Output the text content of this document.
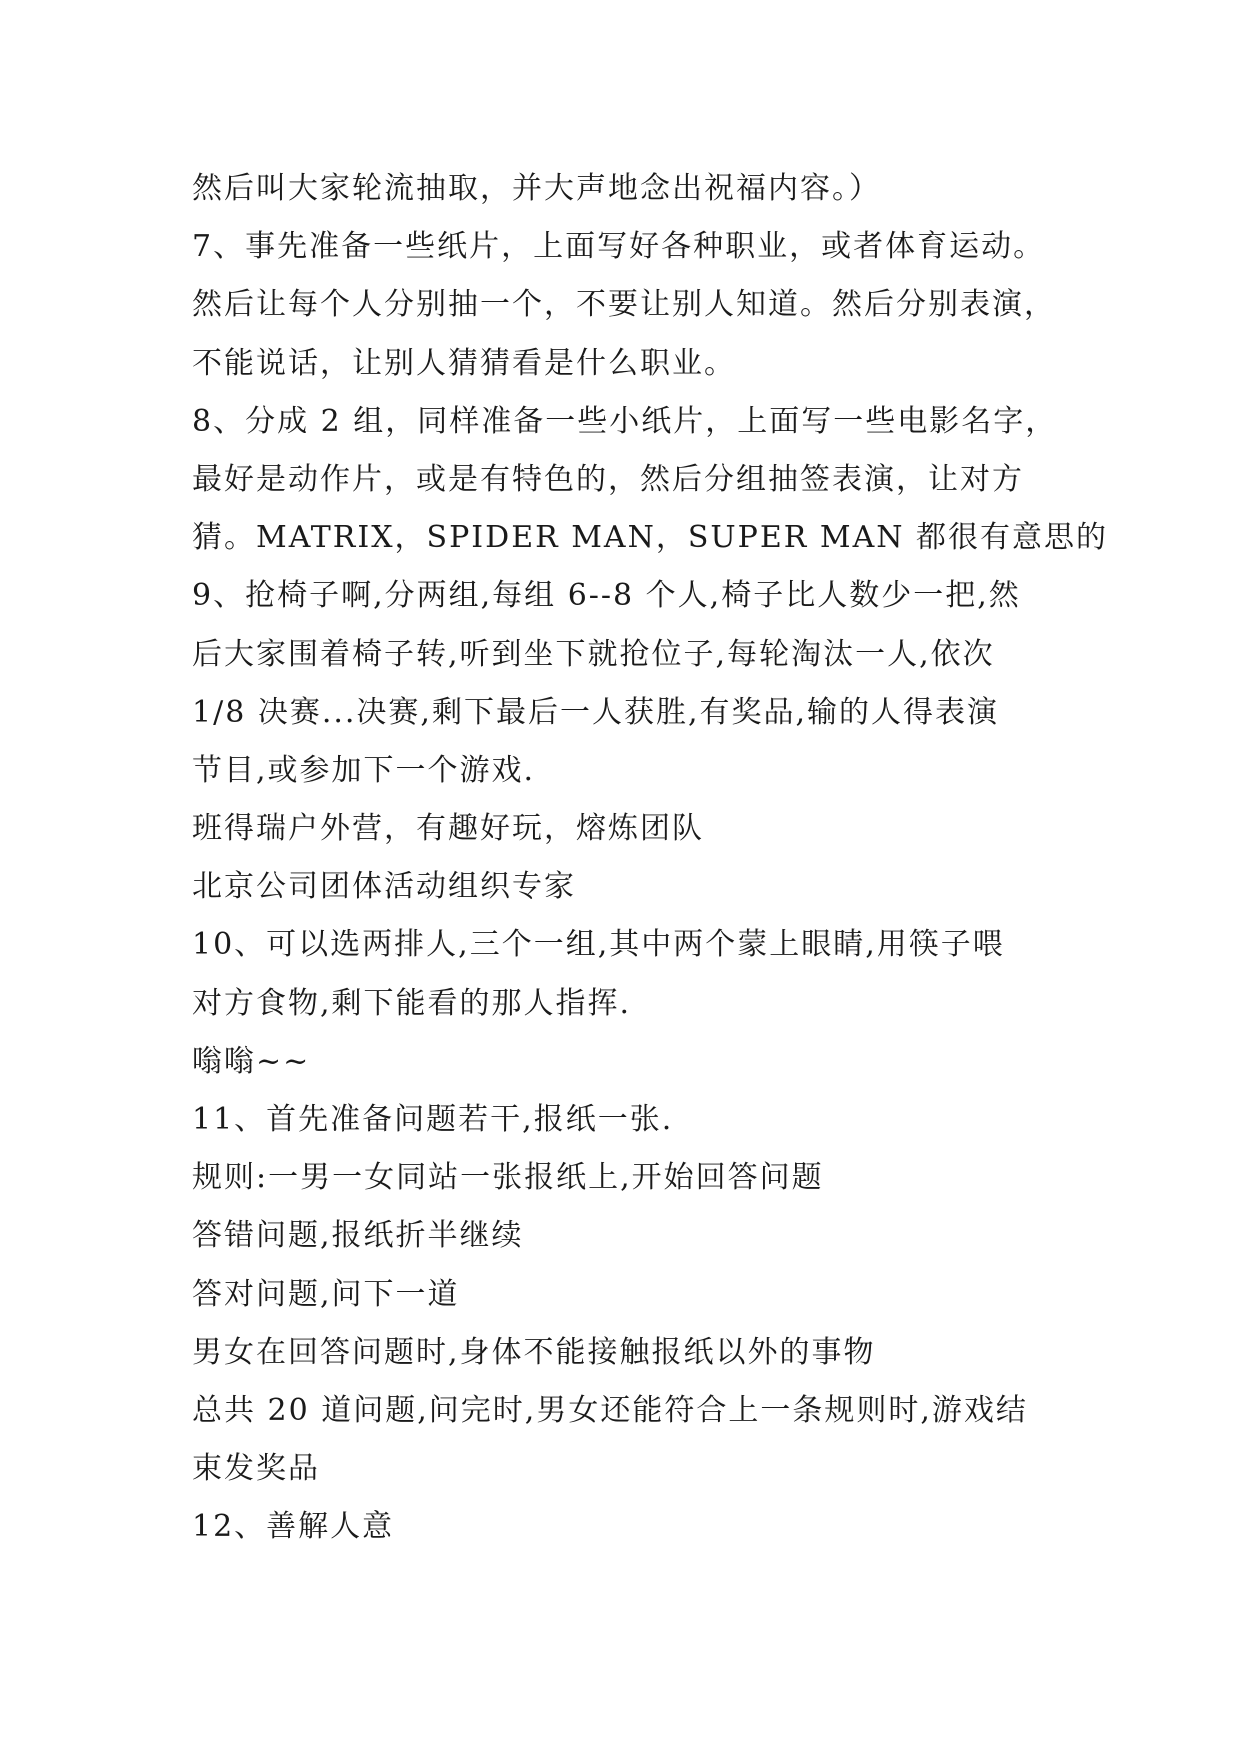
然后叫大家轮流抽取，并大声地念出祝福内容。）
7、事先准备一些纸片，上面写好各种职业，或者体育运动。
然后让每个人分别抽一个，不要让别人知道。然后分别表演，
不能说话，让别人猜猜看是什么职业。
8、分成 2 组，同样准备一些小纸片，上面写一些电影名字，
最好是动作片，或是有特色的，然后分组抽签表演，让对方
猜。MATRIX，SPIDER MAN，SUPER MAN 都很有意思的
9、抢椅子啊,分两组,每组 6--8 个人,椅子比人数少一把,然
后大家围着椅子转,听到坐下就抢位子,每轮淘汰一人,依次
1/8 决赛...决赛,剩下最后一人获胜,有奖品,输的人得表演
节目,或参加下一个游戏.
班得瑞户外营，有趣好玩，熔炼团队
北京公司团体活动组织专家
10、可以选两排人,三个一组,其中两个蒙上眼睛,用筷子喂
对方食物,剩下能看的那人指挥.
嗡嗡~~
11、首先准备问题若干,报纸一张.
规则:一男一女同站一张报纸上,开始回答问题
答错问题,报纸折半继续
答对问题,问下一道
男女在回答问题时,身体不能接触报纸以外的事物
总共 20 道问题,问完时,男女还能符合上一条规则时,游戏结
束发奖品
12、善解人意
